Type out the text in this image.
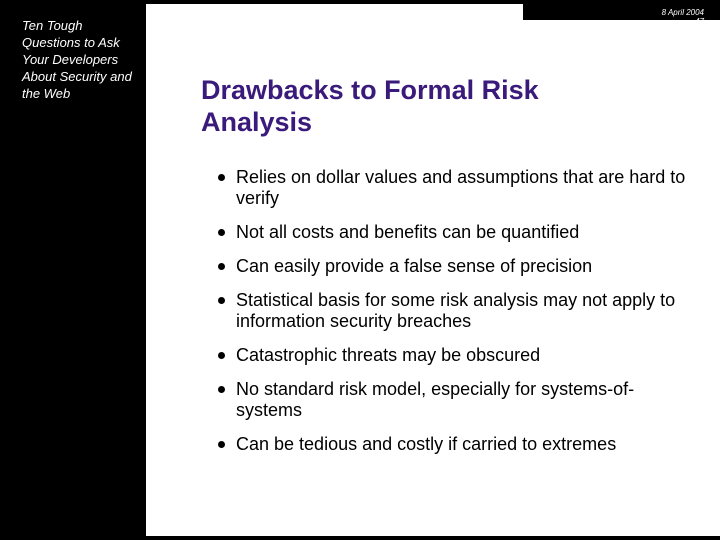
Ten Tough Questions to Ask Your Developers About Security and the Web
8 April 2004
47
Drawbacks to Formal Risk Analysis
Relies on dollar values and assumptions that are hard to verify
Not all costs and benefits can be quantified
Can easily provide a false sense of precision
Statistical basis for some risk analysis may not apply to information security breaches
Catastrophic threats may be obscured
No standard risk model, especially for systems-of-systems
Can be tedious and costly if carried to extremes
